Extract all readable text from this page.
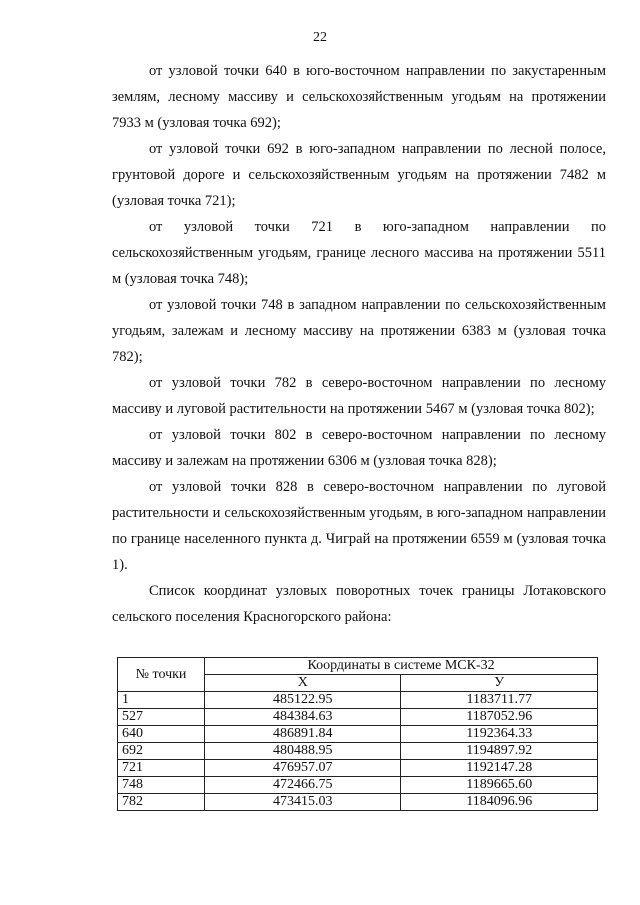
22

от узловой точки 640 в юго-восточном направлении по закустаренным землям, лесному массиву и сельскохозяйственным угодьям на протяжении 7933 м (узловая точка 692);

от узловой точки 692 в юго-западном направлении по лесной полосе, грунтовой дороге и сельскохозяйственным угодьям на протяжении 7482 м (узловая точка 721);

от узловой точки 721 в юго-западном направлении по сельскохозяйственным угодьям, границе лесного массива на протяжении 5511 м (узловая точка 748);

от узловой точки 748 в западном направлении по сельскохозяйственным угодьям, залежам и лесному массиву на протяжении 6383 м (узловая точка 782);

от узловой точки 782 в северо-восточном направлении по лесному массиву и луговой растительности на протяжении 5467 м (узловая точка 802);

от узловой точки 802 в северо-восточном направлении по лесному массиву и залежам на протяжении 6306 м (узловая точка 828);

от узловой точки 828 в северо-восточном направлении по луговой растительности и сельскохозяйственным угодьям, в юго-западном направлении по границе населенного пункта д. Чиграй на протяжении 6559 м (узловая точка 1).

Список координат узловых поворотных точек границы Лотаковского сельского поселения Красногорского района:

№ точки	Координаты в системе МСК-32	
	X	У
1	485122.95	1183711.77
527	484384.63	1187052.96
640	486891.84	1192364.33
692	480488.95	1194897.92
721	476957.07	1192147.28
748	472466.75	1189665.60
782	473415.03	1184096.96
